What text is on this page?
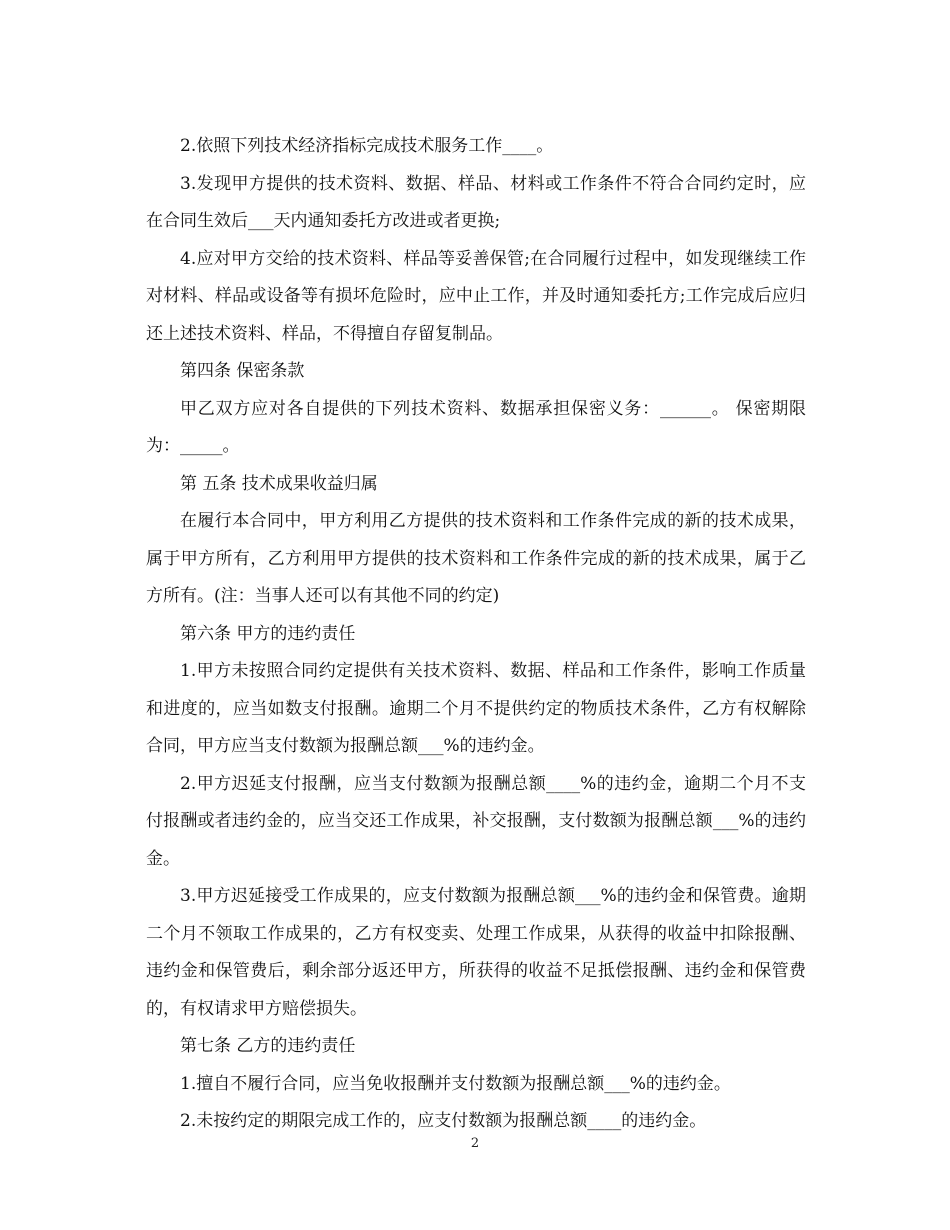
2.依照下列技术经济指标完成技术服务工作____。

3.发现甲方提供的技术资料、数据、样品、材料或工作条件不符合合同约定时，应在合同生效后___天内通知委托方改进或者更换;

4.应对甲方交给的技术资料、样品等妥善保管;在合同履行过程中，如发现继续工作对材料、样品或设备等有损坏危险时，应中止工作，并及时通知委托方;工作完成后应归还上述技术资料、样品，不得擅自存留复制品。

第四条 保密条款

甲乙双方应对各自提供的下列技术资料、数据承担保密义务：______。 保密期限为：_____。

第 五条 技术成果收益归属

在履行本合同中，甲方利用乙方提供的技术资料和工作条件完成的新的技术成果，属于甲方所有，乙方利用甲方提供的技术资料和工作条件完成的新的技术成果，属于乙方所有。(注：当事人还可以有其他不同的约定)

第六条 甲方的违约责任

1.甲方未按照合同约定提供有关技术资料、数据、样品和工作条件，影响工作质量和进度的，应当如数支付报酬。逾期二个月不提供约定的物质技术条件，乙方有权解除合同，甲方应当支付数额为报酬总额___%的违约金。

2.甲方迟延支付报酬，应当支付数额为报酬总额____%的违约金，逾期二个月不支付报酬或者违约金的，应当交还工作成果，补交报酬，支付数额为报酬总额___%的违约金。

3.甲方迟延接受工作成果的，应支付数额为报酬总额___%的违约金和保管费。逾期二个月不领取工作成果的，乙方有权变卖、处理工作成果，从获得的收益中扣除报酬、违约金和保管费后，剩余部分返还甲方，所获得的收益不足抵偿报酬、违约金和保管费的，有权请求甲方赔偿损失。

第七条 乙方的违约责任

1.擅自不履行合同，应当免收报酬并支付数额为报酬总额___%的违约金。

2.未按约定的期限完成工作的，应支付数额为报酬总额____的违约金。

2
